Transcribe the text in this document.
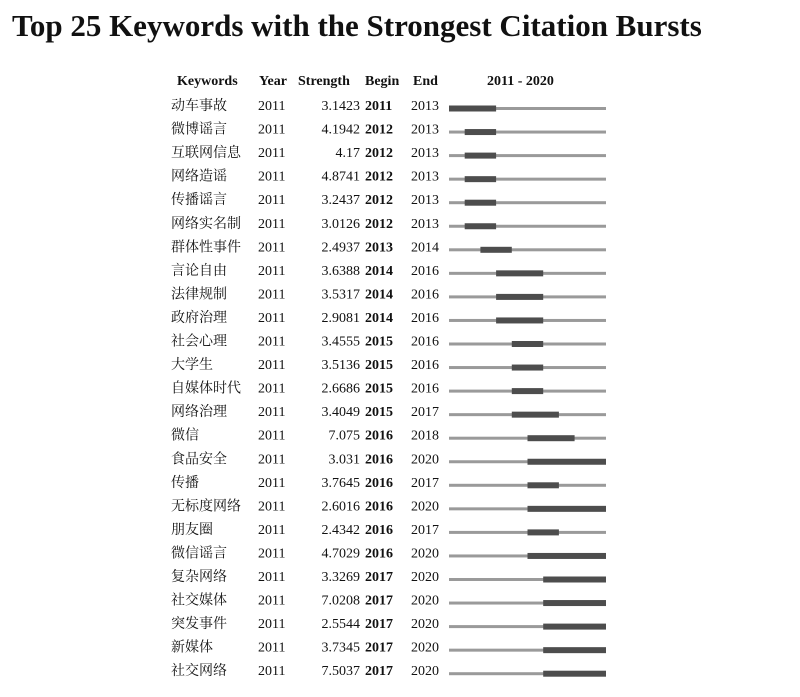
Top 25 Keywords with the Strongest Citation Bursts
Keywords Year Strength Begin End	2011 - 2020
动车事故 2011	3.1423 2011 2013
微博谣言 2011	4.1942 2012 2013
互联网信息 2011	4.17 2012 2013
网络造谣 2011	4.8741 2012 2013
传播谣言 2011	3.2437 2012 2013
网络实名制 2011	3.0126 2012 2013
群体性事件 2011	2.4937 2013 2014
言论自由 2011	3.6388 2014 2016
法律规制 2011	3.5317 2014 2016
政府治理 2011	2.9081 2014 2016
社会心理 2011	3.4555 2015 2016
大学生	2011	3.5136 2015 2016
自媒体时代 2011	2.6686 2015 2016
网络治理 2011	3.4049 2015 2017
微信	2011	7.075 2016 2018
食品安全 2011	3.031 2016 2020
传播	2011	3.7645 2016 2017
无标度网络 2011	2.6016 2016 2020
朋友圈	2011	2.4342 2016 2017
微信谣言 2011	4.7029 2016 2020
复杂网络 2011	3.3269 2017 2020
社交媒体 2011	7.0208 2017 2020
突发事件 2011	2.5544 2017 2020
新媒体	2011	3.7345 2017 2020
社交网络 2011	7.5037 2017 2020
